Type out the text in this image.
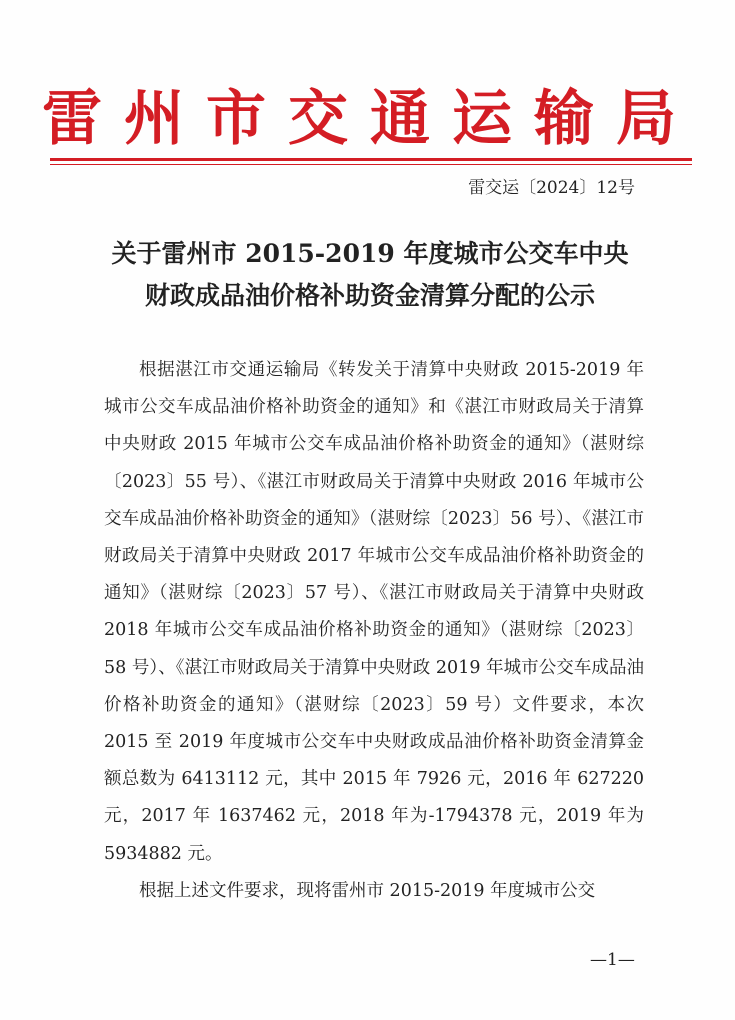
雷州市交通运输局
雷交运〔2024〕12号
关于雷州市 2015-2019 年度城市公交车中央
财政成品油价格补助资金清算分配的公示

根据湛江市交通运输局《转发关于清算中央财政 2015-2019 年城市公交车成品油价格补助资金的通知》和《湛江市财政局关于清算中央财政 2015 年城市公交车成品油价格补助资金的通知》（湛财综〔2023〕55 号）、《湛江市财政局关于清算中央财政 2016 年城市公交车成品油价格补助资金的通知》（湛财综〔2023〕56 号）、《湛江市财政局关于清算中央财政 2017 年城市公交车成品油价格补助资金的通知》（湛财综〔2023〕57 号）、《湛江市财政局关于清算中央财政 2018 年城市公交车成品油价格补助资金的通知》（湛财综〔2023〕58 号）、《湛江市财政局关于清算中央财政 2019 年城市公交车成品油价格补助资金的通知》（湛财综〔2023〕59 号）文件要求，本次 2015 至 2019 年度城市公交车中央财政成品油价格补助资金清算金额总数为 6413112 元，其中 2015 年 7926 元，2016 年 627220 元，2017 年 1637462 元，2018 年为-1794378 元，2019 年为 5934882 元。

根据上述文件要求，现将雷州市 2015-2019 年度城市公交

—1—
